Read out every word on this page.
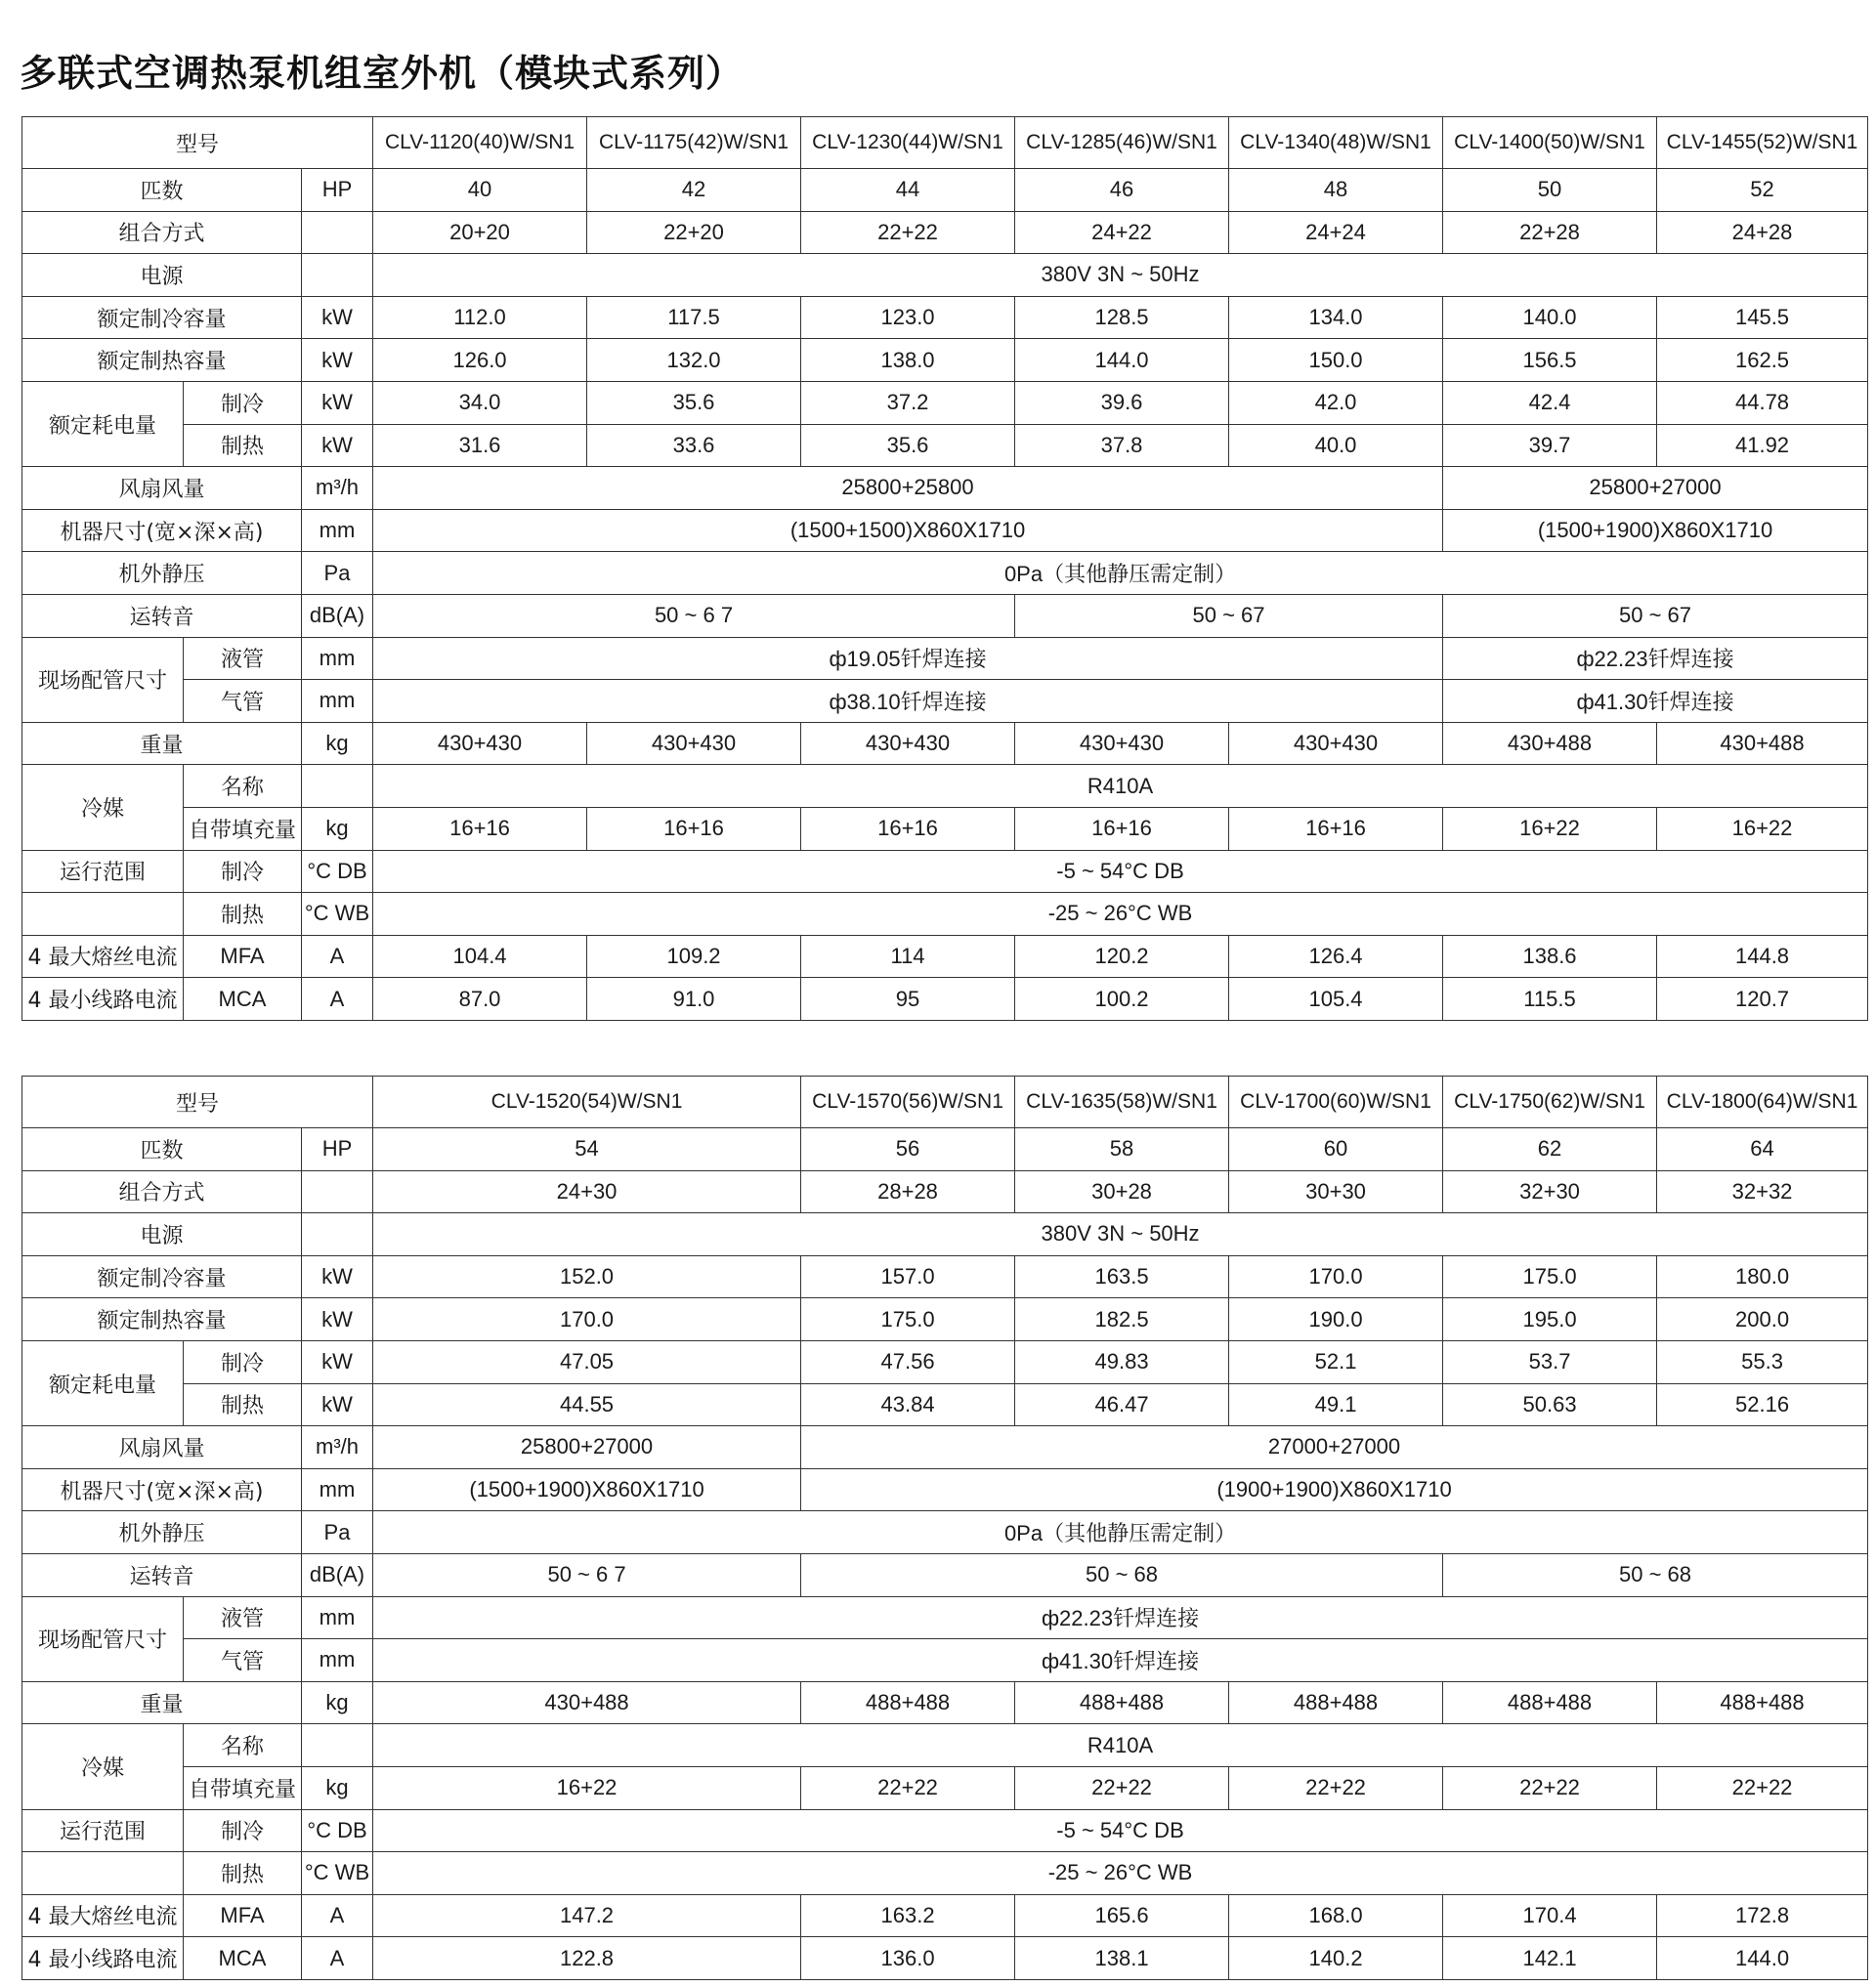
多联式空调热泵机组室外机（模块式系列）
型号			CLV-1120(40)W/SN1	CLV-1175(42)W/SN1	CLV-1230(44)W/SN1	CLV-1285(46)W/SN1	CLV-1340(48)W/SN1	CLV-1400(50)W/SN1	CLV-1455(52)W/SN1
匹数		HP	40	42	44	46	48	50	52
组合方式			20+20	22+20	22+22	24+22	24+24	22+28	24+28
电源			380V 3N ~ 50Hz						
额定制冷容量		kW	112.0	117.5	123.0	128.5	134.0	140.0	145.5
额定制热容量		kW	126.0	132.0	138.0	144.0	150.0	156.5	162.5
额定耗电量	制冷	kW	34.0	35.6	37.2	39.6	42.0	42.4	44.78
	制热	kW	31.6	33.6	35.6	37.8	40.0	39.7	41.92
风扇风量		m³/h	25800+25800					25800+27000	
机器尺寸(宽×深×高)		mm	(1500+1500)X860X1710					(1500+1900)X860X1710	
机外静压		Pa	0Pa（其他静压需定制）						
运转音		dB(A)	50 ~ 6 7			50 ~ 67		50 ~ 67	
现场配管尺寸	液管	mm	ф19.05钎焊连接					ф22.23钎焊连接	
	气管	mm	ф38.10钎焊连接					ф41.30钎焊连接	
重量		kg	430+430	430+430	430+430	430+430	430+430	430+488	430+488
冷媒	名称		R410A						
	自带填充量	kg	16+16	16+16	16+16	16+16	16+16	16+22	16+22
运行范围	制冷	°C DB	-5 ~ 54°C DB						
	制热	°C WB	-25 ~ 26°C WB						
4 最大熔丝电流	MFA	A	104.4	109.2	114	120.2	126.4	138.6	144.8
4 最小线路电流	MCA	A	87.0	91.0	95	100.2	105.4	115.5	120.7
型号			CLV-1520(54)W/SN1	CLV-1570(56)W/SN1	CLV-1635(58)W/SN1	CLV-1700(60)W/SN1	CLV-1750(62)W/SN1	CLV-1800(64)W/SN1
匹数		HP	54	56	58	60	62	64
组合方式			24+30	28+28	30+28	30+30	32+30	32+32
电源			380V 3N ~ 50Hz					
额定制冷容量		kW	152.0	157.0	163.5	170.0	175.0	180.0
额定制热容量		kW	170.0	175.0	182.5	190.0	195.0	200.0
额定耗电量	制冷	kW	47.05	47.56	49.83	52.1	53.7	55.3
	制热	kW	44.55	43.84	46.47	49.1	50.63	52.16
风扇风量		m³/h	25800+27000	27000+27000				
机器尺寸(宽×深×高)		mm	(1500+1900)X860X1710	(1900+1900)X860X1710				
机外静压		Pa	0Pa（其他静压需定制）					
运转音		dB(A)	50 ~ 6 7	50 ~ 68			50 ~ 68	
现场配管尺寸	液管	mm	ф22.23钎焊连接					
	气管	mm	ф41.30钎焊连接					
重量		kg	430+488	488+488	488+488	488+488	488+488	488+488
冷媒	名称		R410A					
	自带填充量	kg	16+22	22+22	22+22	22+22	22+22	22+22
运行范围	制冷	°C DB	-5 ~ 54°C DB					
	制热	°C WB	-25 ~ 26°C WB					
4 最大熔丝电流	MFA	A	147.2	163.2	165.6	168.0	170.4	172.8
4 最小线路电流	MCA	A	122.8	136.0	138.1	140.2	142.1	144.0
